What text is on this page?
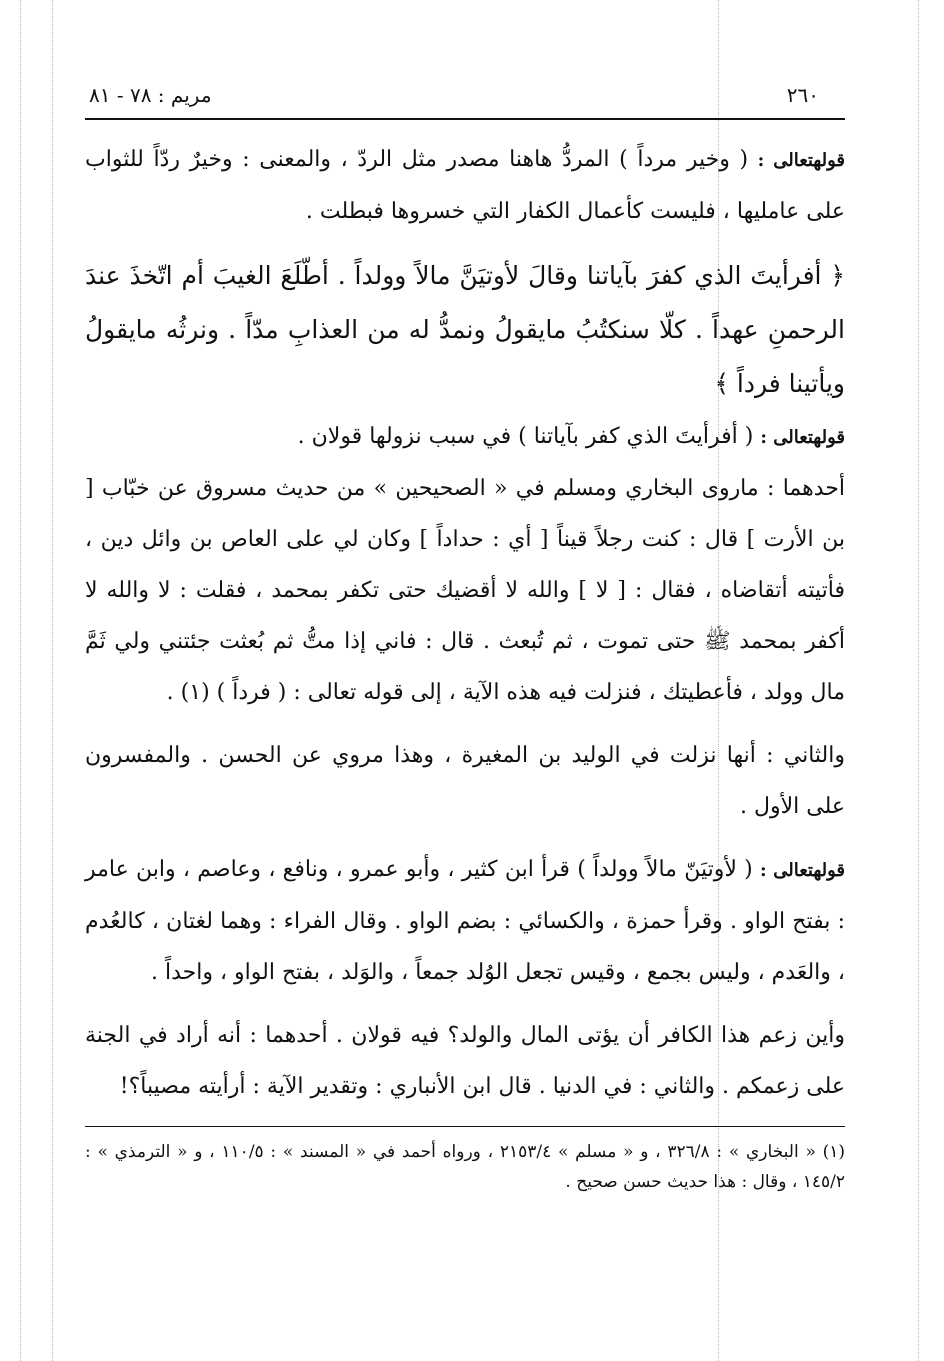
٢٦٠
مريم : ٧٨ - ٨١

قولهتعالى : ( وخير مرداً ) المردُّ هاهنا مصدر مثل الردّ ، والمعنى : وخيرٌ ردّاً للثواب على عامليها ، فليست كأعمال الكفار التي خسروها فبطلت .

﴿ أفرأيتَ الذي كفرَ بآياتنا وقالَ لأوتيَنَّ مالاً وولداً . أطّلَعَ الغيبَ أم اتّخذَ عندَ الرحمنِ عهداً . كلّا سنكتُبُ مايقولُ ونمدُّ له من العذابِ مدّاً . ونرثُه مايقولُ ويأتينا فرداً ﴾

قولهتعالى : ( أفرأيتَ الذي كفر بآياتنا ) في سبب نزولها قولان .

أحدهما : ماروى البخاري ومسلم في « الصحيحين » من حديث مسروق عن خبّاب [ بن الأرت ] قال : كنت رجلاً قيناً [ أي : حداداً ] وكان لي على العاص بن وائل دين ، فأتيته أتقاضاه ، فقال : [ لا ] والله لا أقضيك حتى تكفر بمحمد ، فقلت : لا والله لا أكفر بمحمد ﷺ حتى تموت ، ثم تُبعث . قال : فاني إذا متُّ ثم بُعثت جئتني ولي ثَمَّ مال وولد ، فأعطيتك ، فنزلت فيه هذه الآية ، إلى قوله تعالى : ( فرداً ) (١) .

والثاني : أنها نزلت في الوليد بن المغيرة ، وهذا مروي عن الحسن . والمفسرون على الأول .

قولهتعالى : ( لأوتيَنّ مالاً وولداً ) قرأ ابن كثير ، وأبو عمرو ، ونافع ، وعاصم ، وابن عامر : بفتح الواو . وقرأ حمزة ، والكسائي : بضم الواو . وقال الفراء : وهما لغتان ، كالعُدم ، والعَدم ، وليس بجمع ، وقيس تجعل الوُلد جمعاً ، والوَلد ، بفتح الواو ، واحداً .

وأين زعم هذا الكافر أن يؤتى المال والولد؟ فيه قولان . أحدهما : أنه أراد في الجنة على زعمكم . والثاني : في الدنيا . قال ابن الأنباري : وتقدير الآية : أرأيته مصيباً؟!

(١) « البخاري » : ٣٢٦/٨ ، و « مسلم » ٢١٥٣/٤ ، ورواه أحمد في « المسند » : ١١٠/٥ ، و « الترمذي » : ١٤٥/٢ ، وقال : هذا حديث حسن صحيح .
